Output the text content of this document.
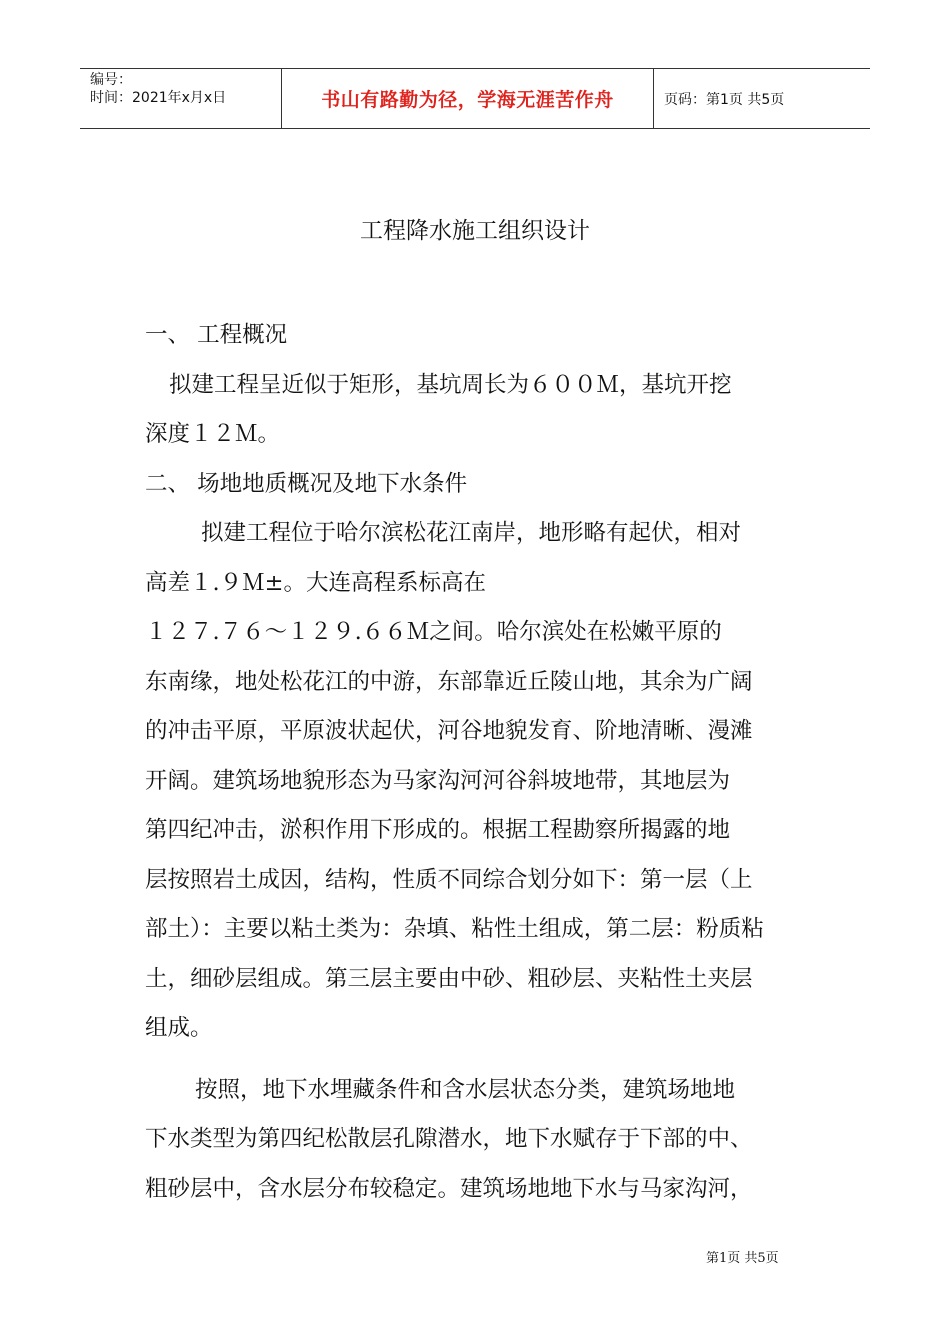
编号：
时间：2021年x月x日	书山有路勤为径，学海无涯苦作舟	页码：第1页 共5页
工程降水施工组织设计

一、 工程概况

拟建工程呈近似于矩形，基坑周长为６００Ｍ，基坑开挖

深度１２Ｍ。

二、 场地地质概况及地下水条件

拟建工程位于哈尔滨松花江南岸，地形略有起伏，相对

高差１.９Ｍ±。大连高程系标高在
１２７.７６～１２９.６６Ｍ之间。哈尔滨处在松嫩平原的
东南缘，地处松花江的中游，东部靠近丘陵山地，其余为广阔
的冲击平原，平原波状起伏，河谷地貌发育、阶地清晰、漫滩
开阔。建筑场地貌形态为马家沟河河谷斜坡地带，其地层为
第四纪冲击，淤积作用下形成的。根据工程勘察所揭露的地
层按照岩土成因，结构，性质不同综合划分如下：第一层（上
部土）：主要以粘土类为：杂填、粘性土组成，第二层：粉质粘
土，细砂层组成。第三层主要由中砂、粗砂层、夹粘性土夹层
组成。

按照，地下水埋藏条件和含水层状态分类，建筑场地地

下水类型为第四纪松散层孔隙潜水，地下水赋存于下部的中、
粗砂层中，含水层分布较稳定。建筑场地地下水与马家沟河，

第1页 共5页
